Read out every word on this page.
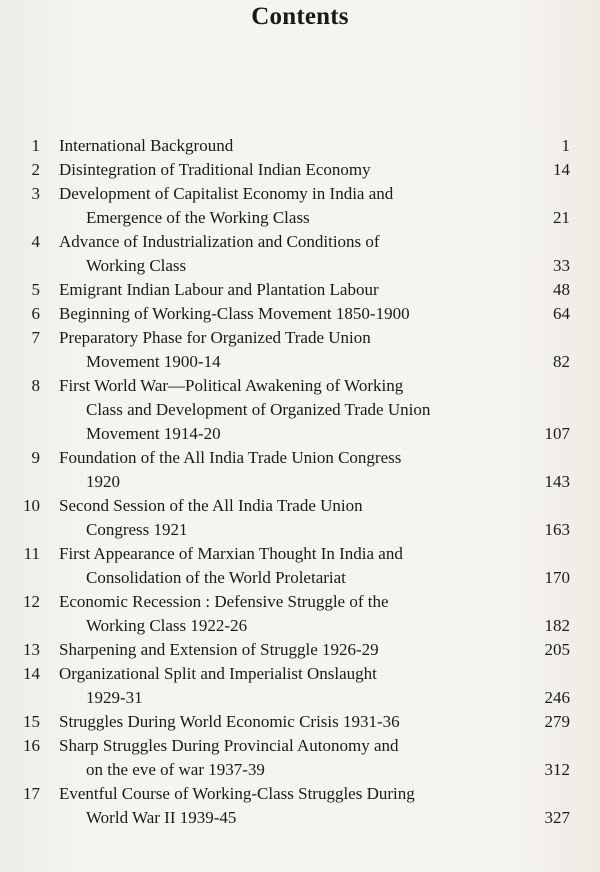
Contents
1 International Background	1
2 Disintegration of Traditional Indian Economy	14
3 Development of Capitalist Economy in India and
Emergence of the Working Class	21
4 Advance of Industrialization and Conditions of
Working Class	33
5 Emigrant Indian Labour and Plantation Labour	48
6 Beginning of Working-Class Movement 1850-1900	64
7 Preparatory Phase for Organized Trade Union
Movement 1900-14	82
8 First World War—Political Awakening of Working
Class and Development of Organized Trade Union
Movement 1914-20	107
9 Foundation of the All India Trade Union Congress
1920	143
10 Second Session of the All India Trade Union
Congress 1921	163
11 First Appearance of Marxian Thought In India and
Consolidation of the World Proletariat	170
12 Economic Recession : Defensive Struggle of the
Working Class 1922-26	182
13 Sharpening and Extension of Struggle 1926-29	205
14 Organizational Split and Imperialist Onslaught
1929-31	246
15 Struggles During World Economic Crisis 1931-36	279
16 Sharp Struggles During Provincial Autonomy and
on the eve of war 1937-39	312
17 Eventful Course of Working-Class Struggles During
World War II 1939-45	327
